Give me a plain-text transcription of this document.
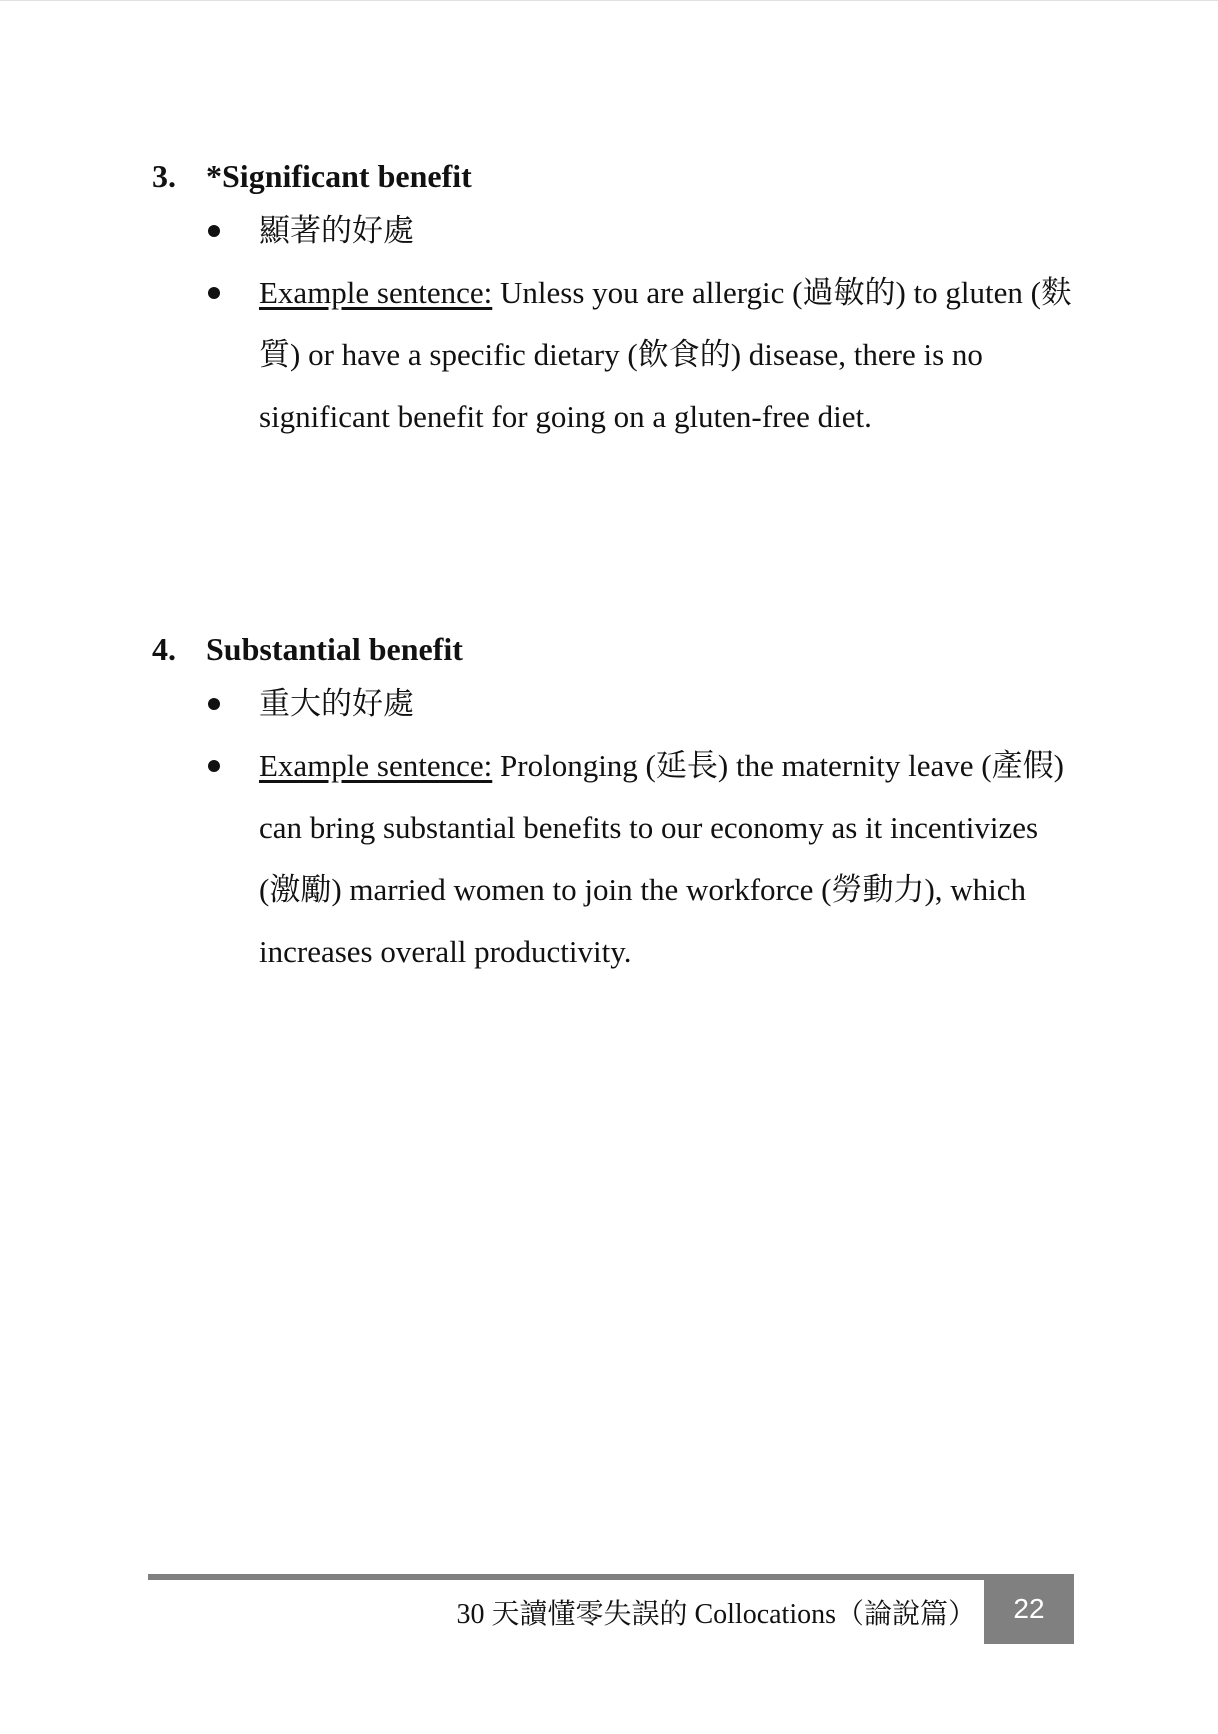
3. *Significant benefit
顯著的好處
Example sentence: Unless you are allergic (過敏的) to gluten (麩質) or have a specific dietary (飲食的) disease, there is no significant benefit for going on a gluten-free diet.
4. Substantial benefit
重大的好處
Example sentence: Prolonging (延長) the maternity leave (產假) can bring substantial benefits to our economy as it incentivizes (激勵) married women to join the workforce (勞動力), which increases overall productivity.
30 天讀懂零失誤的 Collocations（論說篇）	22
